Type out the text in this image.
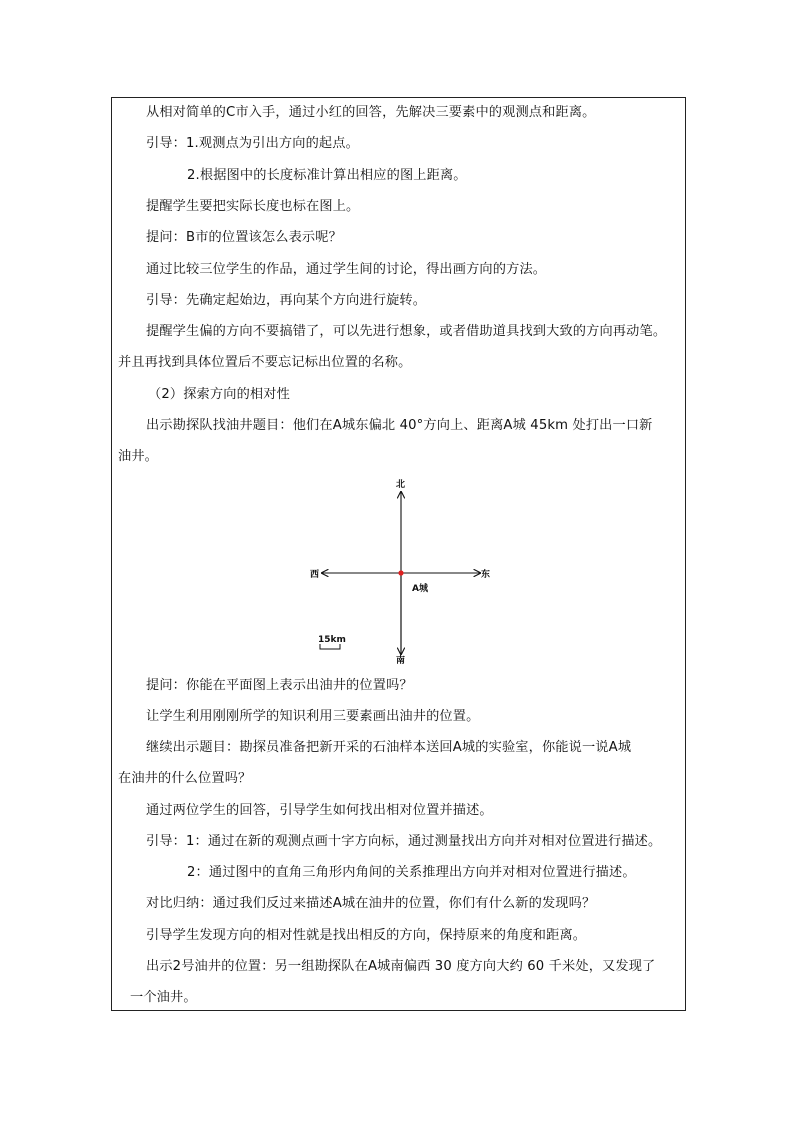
从相对简单的C市入手，通过小红的回答，先解决三要素中的观测点和距离。
引导：1.观测点为引出方向的起点。
2.根据图中的长度标准计算出相应的图上距离。
提醒学生要把实际长度也标在图上。
提问：B市的位置该怎么表示呢？
通过比较三位学生的作品，通过学生间的讨论，得出画方向的方法。
引导：先确定起始边，再向某个方向进行旋转。
提醒学生偏的方向不要搞错了，可以先进行想象，或者借助道具找到大致的方向再动笔。
并且再找到具体位置后不要忘记标出位置的名称。
（2）探索方向的相对性
出示勘探队找油井题目：他们在A城东偏北 40°方向上、距离A城 45km 处打出一口新
油井。
北
南
西	东
A城
15km
提问：你能在平面图上表示出油井的位置吗？
让学生利用刚刚所学的知识利用三要素画出油井的位置。
继续出示题目：勘探员准备把新开采的石油样本送回A城的实验室，你能说一说A城
在油井的什么位置吗？
通过两位学生的回答，引导学生如何找出相对位置并描述。
引导：1：通过在新的观测点画十字方向标，通过测量找出方向并对相对位置进行描述。
2：通过图中的直角三角形内角间的关系推理出方向并对相对位置进行描述。
对比归纳：通过我们反过来描述A城在油井的位置，你们有什么新的发现吗？
引导学生发现方向的相对性就是找出相反的方向，保持原来的角度和距离。
出示2号油井的位置：另一组勘探队在A城南偏西 30 度方向大约 60 千米处，又发现了
一个油井。
